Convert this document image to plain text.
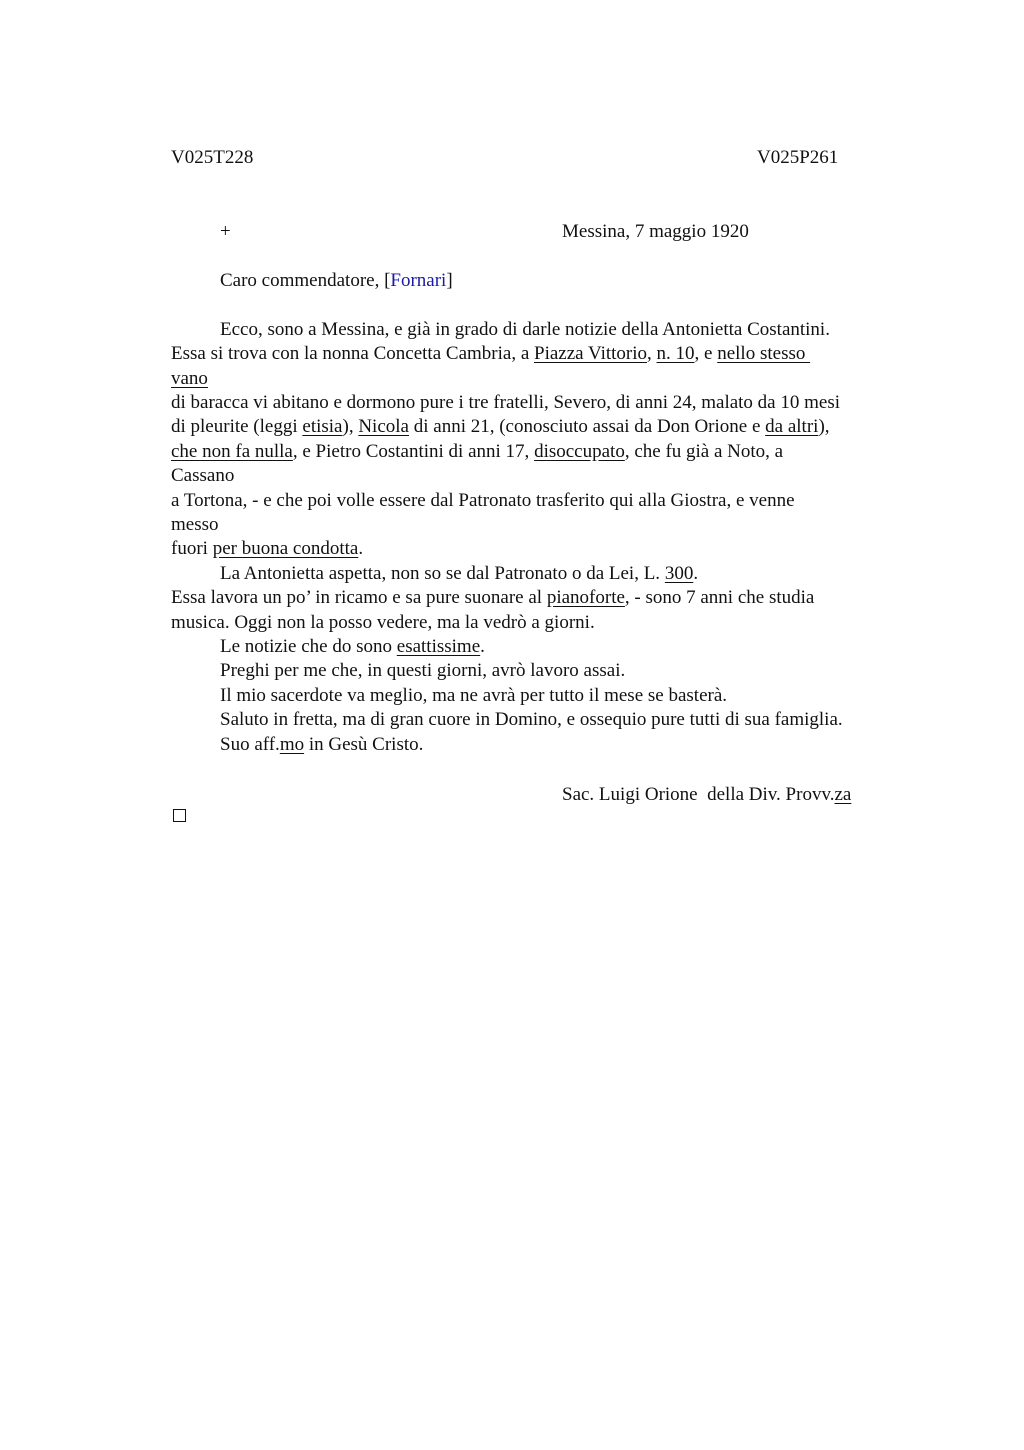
V025T228	V025P261
+	Messina, 7 maggio 1920
Caro commendatore, [Fornari]
Ecco, sono a Messina, e già in grado di darle notizie della Antonietta Costantini.
Essa si trova con la nonna Concetta Cambria, a Piazza Vittorio, n. 10, e nello stesso
vano
di baracca vi abitano e dormono pure i tre fratelli, Severo, di anni 24, malato da 10 mesi
di pleurite (leggi etisia), Nicola di anni 21, (conosciuto assai da Don Orione e da altri),
che non fa nulla, e Pietro Costantini di anni 17, disoccupato, che fu già a Noto, a
Cassano
a Tortona, - e che poi volle essere dal Patronato trasferito qui alla Giostra, e venne
messo
fuori per buona condotta.
La Antonietta aspetta, non so se dal Patronato o da Lei, L. 300.
Essa lavora un po’ in ricamo e sa pure suonare al pianoforte, - sono 7 anni che studia
musica. Oggi non la posso vedere, ma la vedrò a giorni.
Le notizie che do sono esattissime.
Preghi per me che, in questi giorni, avrò lavoro assai.
Il mio sacerdote va meglio, ma ne avrà per tutto il mese se basterà.
Saluto in fretta, ma di gran cuore in Domino, e ossequio pure tutti di sua famiglia.
Suo aff.mo in Gesù Cristo.
Sac. Luigi Orione  della Div. Provv.za
